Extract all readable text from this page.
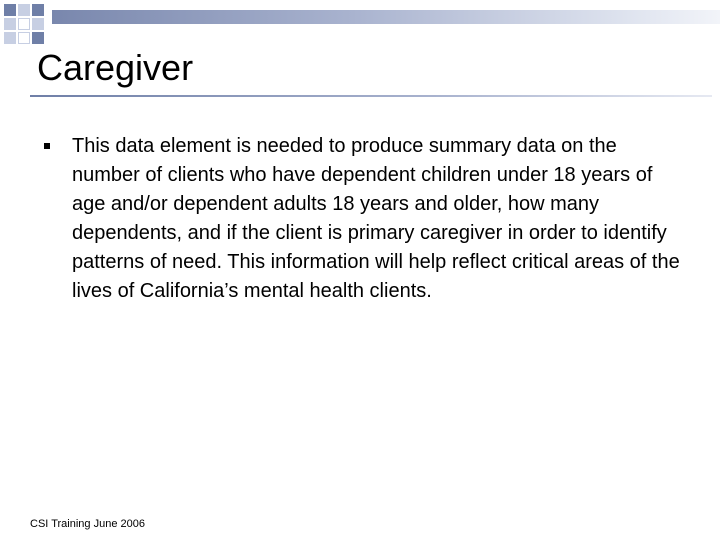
Caregiver
This data element is needed to produce summary data on the number of clients who have dependent children under 18 years of age and/or dependent adults 18 years and older, how many dependents, and if the client is primary caregiver in order to identify patterns of need. This information will help reflect critical areas of the lives of California’s mental health clients.
CSI Training June 2006
